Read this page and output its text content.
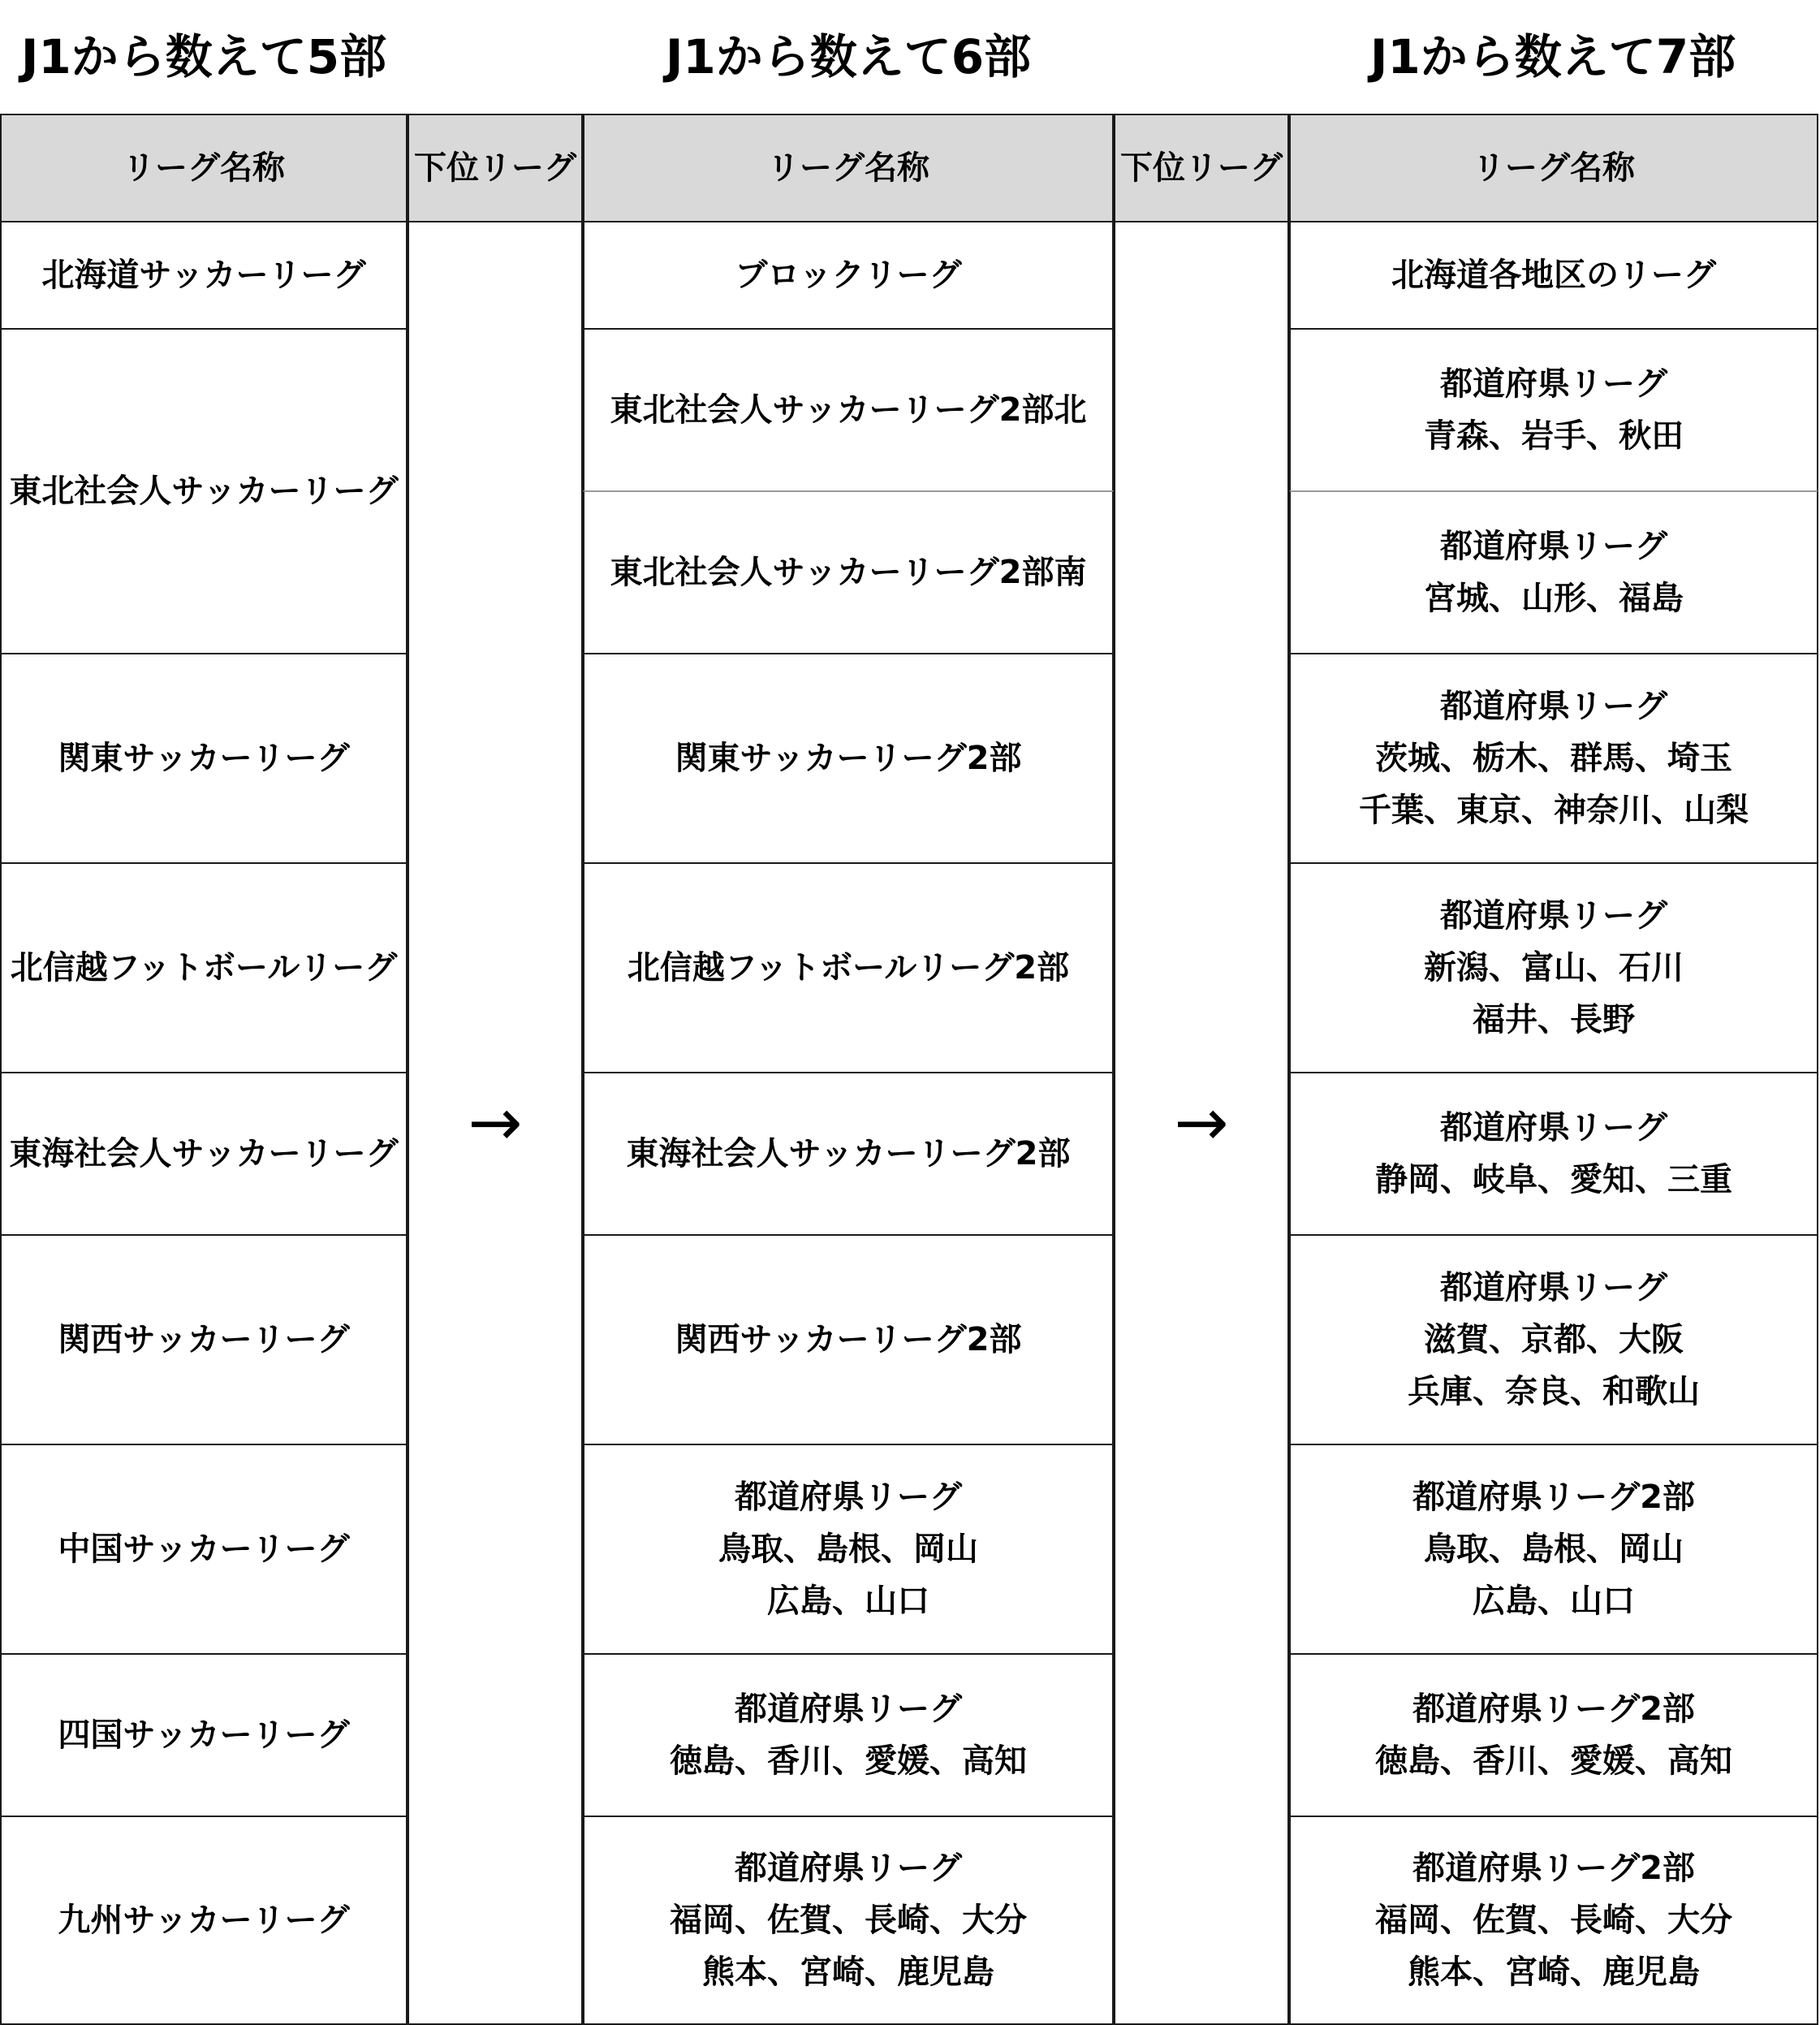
J1から数えて5部	J1から数えて6部	J1から数えて7部
リーグ名称
北海道サッカーリーグ
東北社会人サッカーリーグ
関東サッカーリーグ
北信越フットボールリーグ
東海社会人サッカーリーグ
関西サッカーリーグ
中国サッカーリーグ
四国サッカーリーグ
九州サッカーリーグ
下位リーグ
→
リーグ名称
ブロックリーグ
東北社会人サッカーリーグ2部北
東北社会人サッカーリーグ2部南
関東サッカーリーグ2部
北信越フットボールリーグ2部
東海社会人サッカーリーグ2部
関西サッカーリーグ2部
都道府県リーグ
鳥取、島根、岡山
広島、山口
都道府県リーグ
徳島、香川、愛媛、高知
都道府県リーグ
福岡、佐賀、長崎、大分
熊本、宮崎、鹿児島
下位リーグ
→
リーグ名称
北海道各地区のリーグ
都道府県リーグ
青森、岩手、秋田
都道府県リーグ
宮城、山形、福島
都道府県リーグ
茨城、栃木、群馬、埼玉
千葉、東京、神奈川、山梨
都道府県リーグ
新潟、富山、石川
福井、長野
都道府県リーグ
静岡、岐阜、愛知、三重
都道府県リーグ
滋賀、京都、大阪
兵庫、奈良、和歌山
都道府県リーグ2部
鳥取、島根、岡山
広島、山口
都道府県リーグ2部
徳島、香川、愛媛、高知
都道府県リーグ2部
福岡、佐賀、長崎、大分
熊本、宮崎、鹿児島
